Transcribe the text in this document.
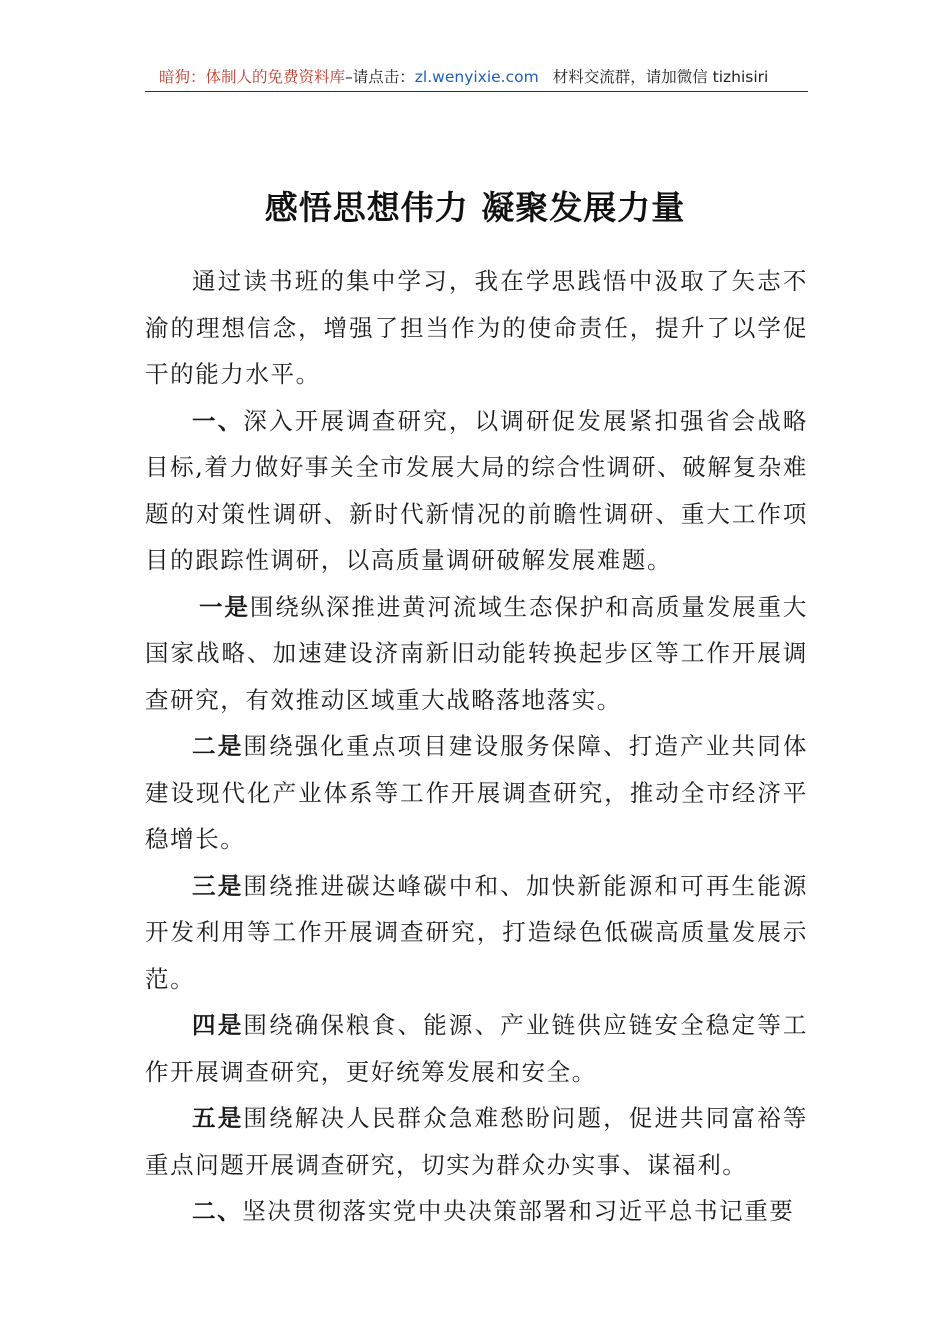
暗狗：体制人的免费资料库–请点击：zl.wenyixie.com 材料交流群，请加微信 tizhisiri
感悟思想伟力 凝聚发展力量

通过读书班的集中学习，我在学思践悟中汲取了矢志不渝的理想信念，增强了担当作为的使命责任，提升了以学促干的能力水平。

一、深入开展调查研究，以调研促发展紧扣强省会战略目标,着力做好事关全市发展大局的综合性调研、破解复杂难题的对策性调研、新时代新情况的前瞻性调研、重大工作项目的跟踪性调研，以高质量调研破解发展难题。

一是围绕纵深推进黄河流域生态保护和高质量发展重大国家战略、加速建设济南新旧动能转换起步区等工作开展调查研究，有效推动区域重大战略落地落实。

二是围绕强化重点项目建设服务保障、打造产业共同体建设现代化产业体系等工作开展调查研究，推动全市经济平稳增长。

三是围绕推进碳达峰碳中和、加快新能源和可再生能源开发利用等工作开展调查研究，打造绿色低碳高质量发展示范。

四是围绕确保粮食、能源、产业链供应链安全稳定等工作开展调查研究，更好统筹发展和安全。

五是围绕解决人民群众急难愁盼问题，促进共同富裕等重点问题开展调查研究，切实为群众办实事、谋福利。

二、坚决贯彻落实党中央决策部署和习近平总书记重要
